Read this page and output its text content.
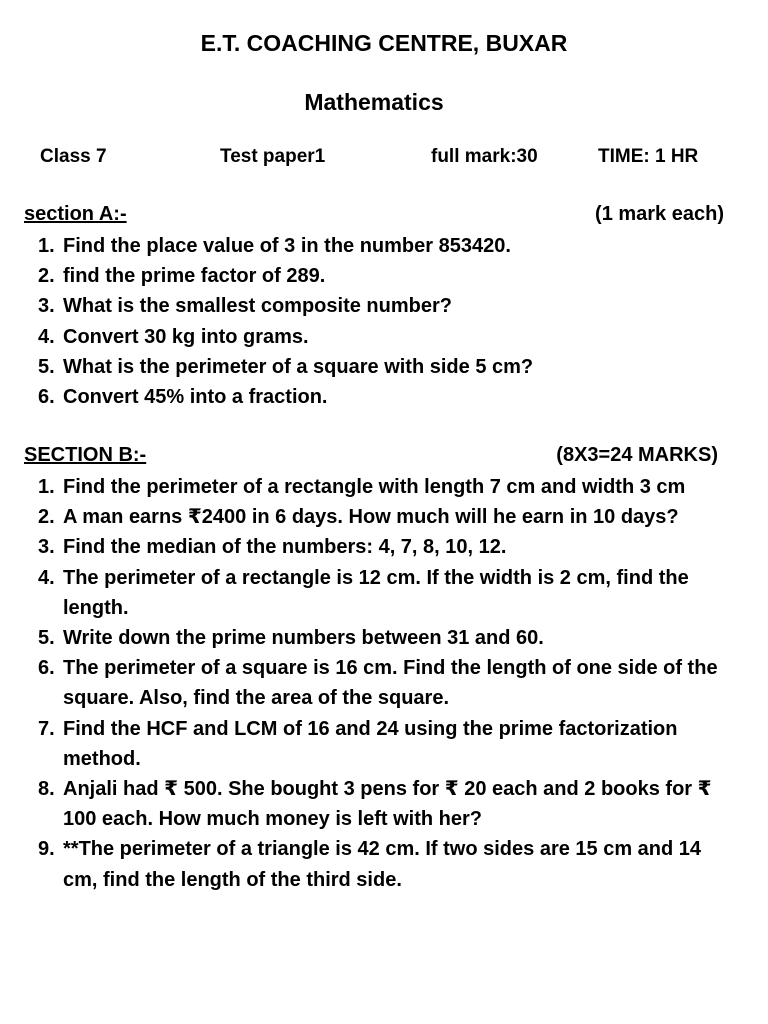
E.T. COACHING CENTRE, BUXAR
Mathematics
Class 7	Test paper1	full mark:30	TIME: 1 HR
section A:-	(1 mark each)
1. Find the place value of 3 in the number 853420.
2. find the prime factor of 289.
3. What is the smallest composite number?
4. Convert 30 kg into grams.
5. What is the perimeter of a square with side 5 cm?
6. Convert 45% into a fraction.
SECTION B:-	(8X3=24 MARKS)
1. Find the perimeter of a rectangle with length 7 cm and width 3 cm
2. A man earns ₹2400 in 6 days. How much will he earn in 10 days?
3. Find the median of the numbers: 4, 7, 8, 10, 12.
4. The perimeter of a rectangle is 12 cm. If the width is 2 cm, find the length.
5. Write down the prime numbers between 31 and 60.
6. The perimeter of a square is 16 cm. Find the length of one side of the square. Also, find the area of the square.
7. Find the HCF and LCM of 16 and 24 using the prime factorization method.
8. Anjali had ₹ 500. She bought 3 pens for ₹ 20 each and 2 books for ₹ 100 each. How much money is left with her?
9. **The perimeter of a triangle is 42 cm. If two sides are 15 cm and 14 cm, find the length of the third side.
